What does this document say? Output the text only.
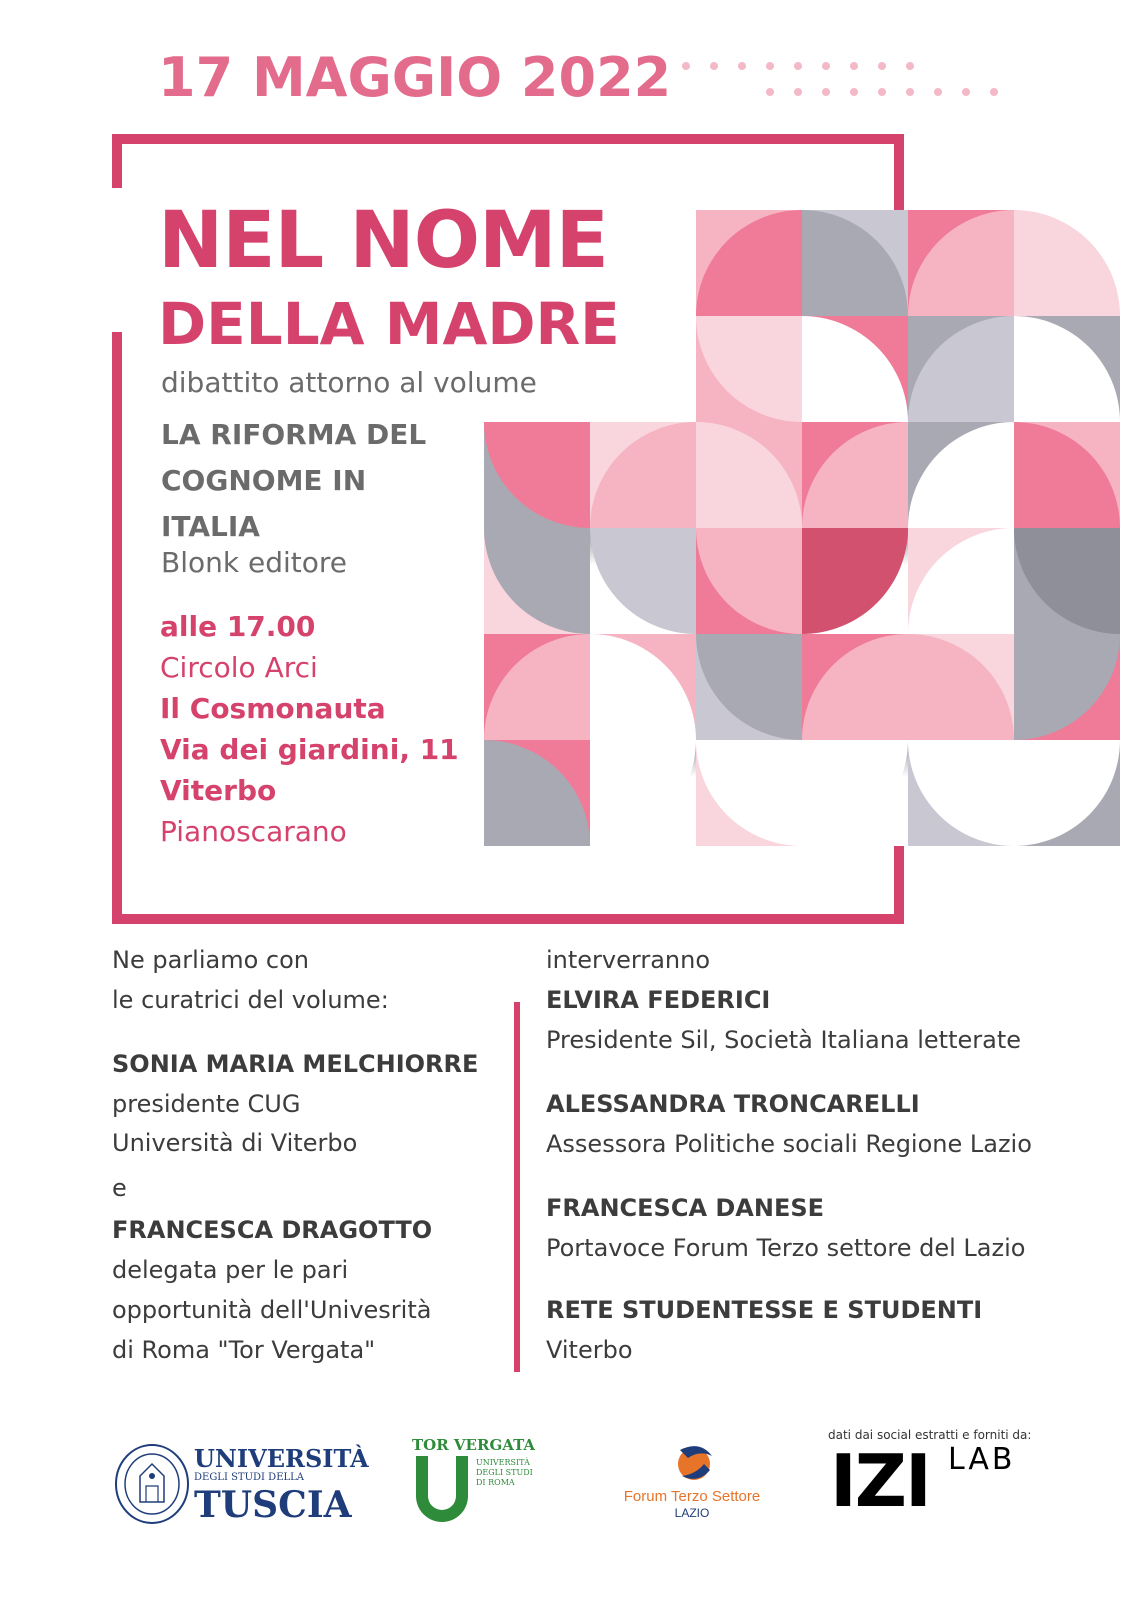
17 MAGGIO 2022
NEL NOME
DELLA MADRE
dibattito attorno al volume
LA RIFORMA DEL
COGNOME IN
ITALIA
Blonk editore
alle 17.00
Circolo Arci
Il Cosmonauta
Via dei giardini, 11
Viterbo
Pianoscarano
Ne parliamo con
le curatrici del volume:
SONIA MARIA MELCHIORRE
presidente CUG
Università di Viterbo
e
FRANCESCA DRAGOTTO
delegata per le pari
opportunità dell'Univesrità
di Roma "Tor Vergata"
interverranno
ELVIRA FEDERICI
Presidente Sil, Società Italiana letterate
ALESSANDRA TRONCARELLI
Assessora Politiche sociali Regione Lazio
FRANCESCA DANESE
Portavoce Forum Terzo settore del Lazio
RETE STUDENTESSE E STUDENTI
Viterbo
UNIVERSITÀ
DEGLI STUDI DELLA
TUSCIA
TOR VERGATA
UNIVERSITÀ
DEGLI STUDI
DI ROMA
Forum Terzo Settore
LAZIO
dati dai social estratti e forniti da:
IZI LAB
